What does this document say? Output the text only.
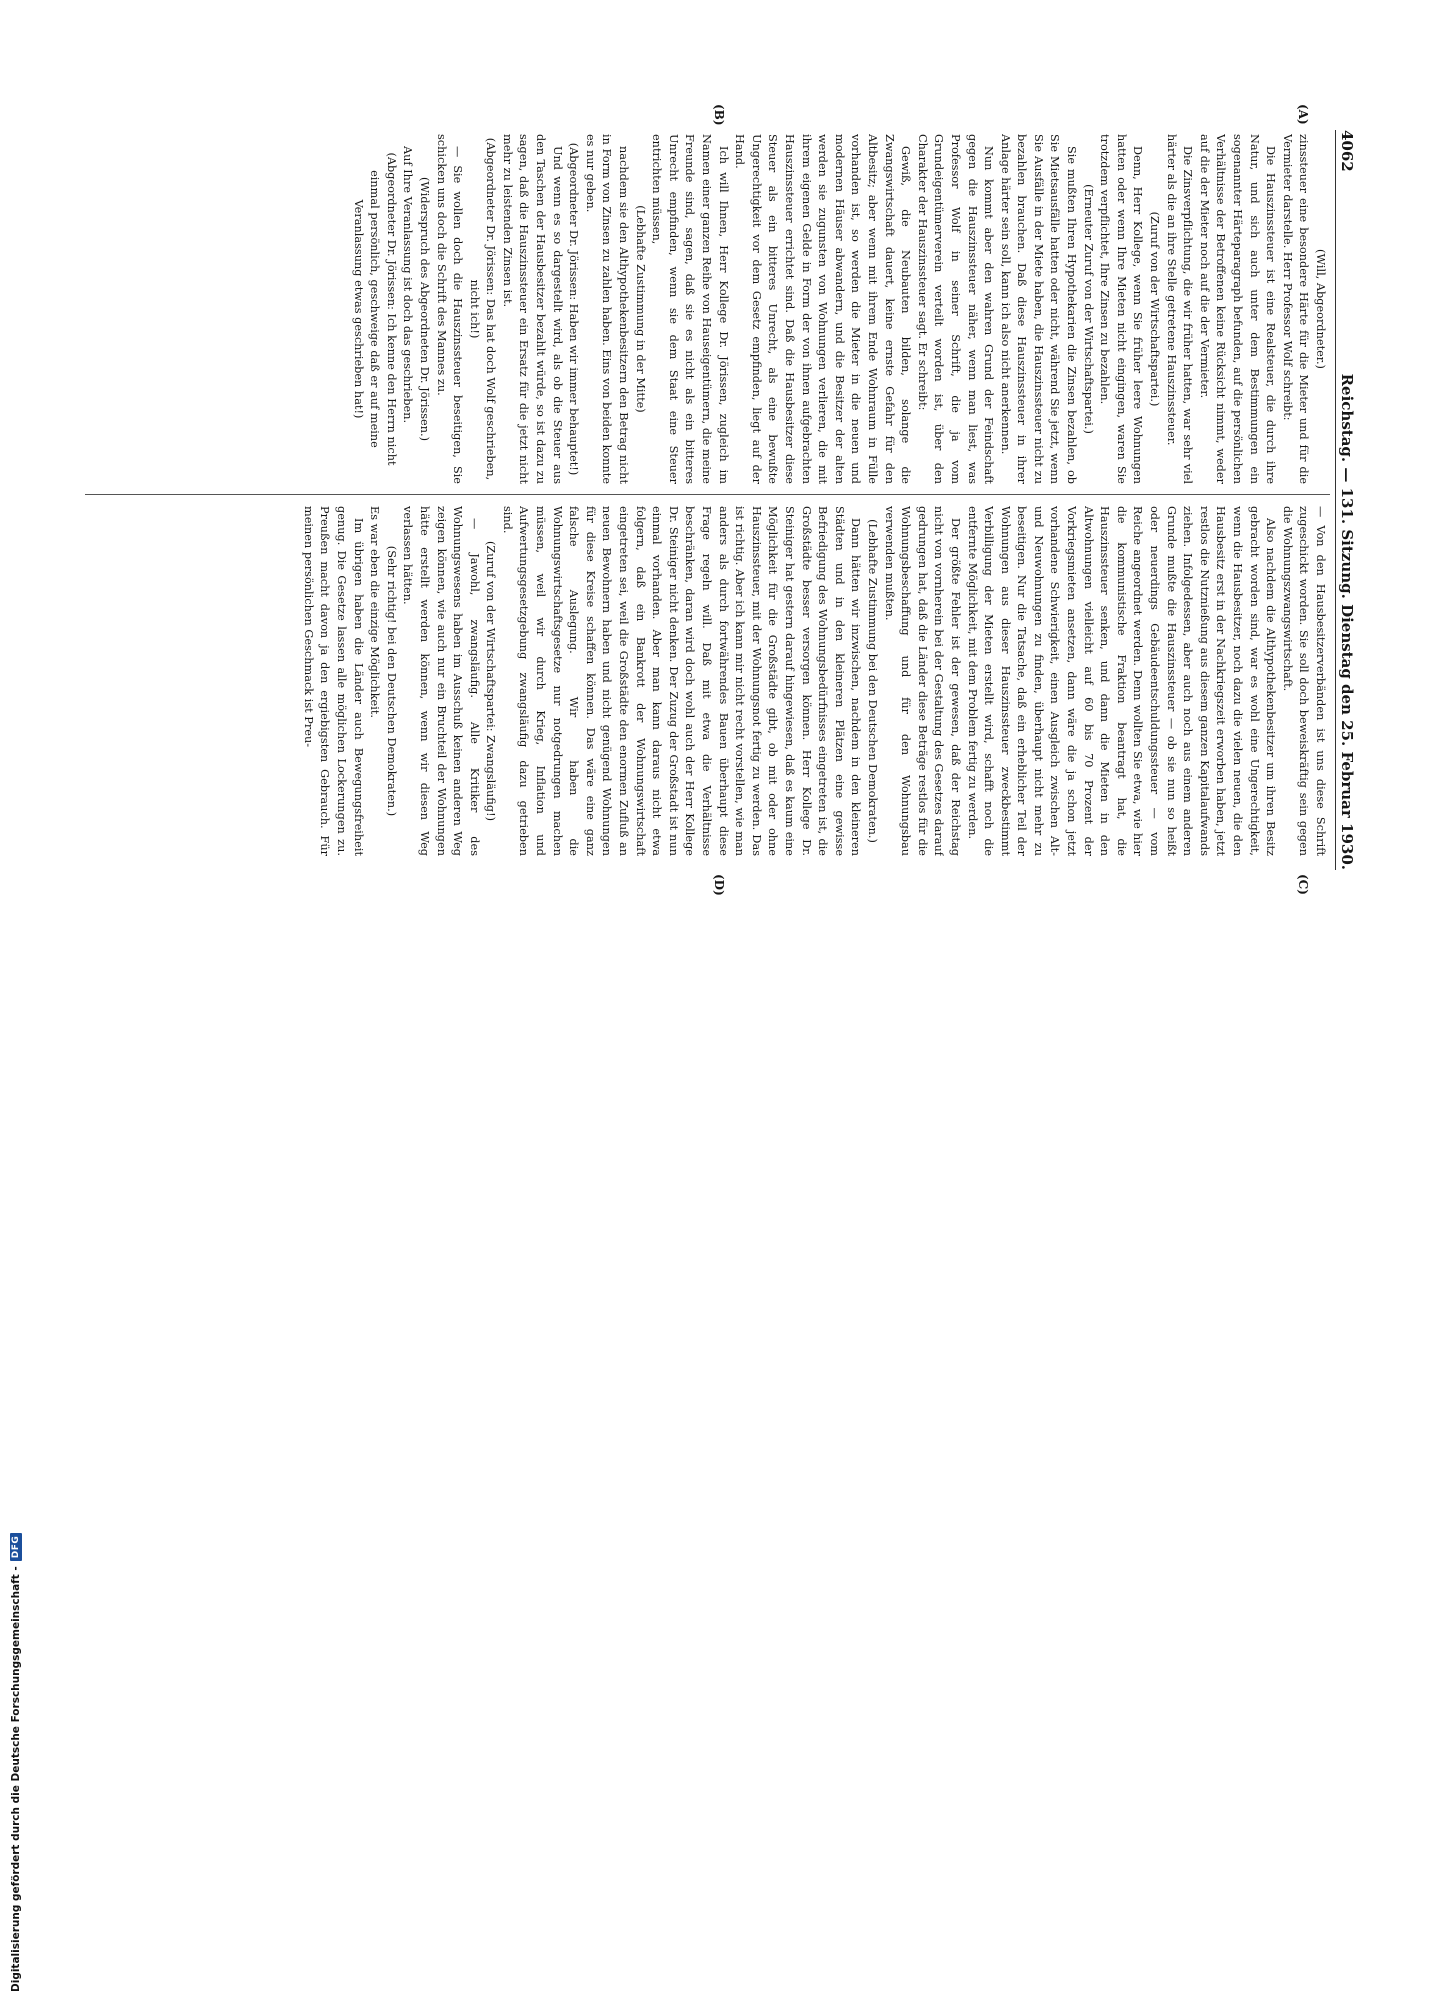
4062
Reichstag. — 131. Sitzung. Dienstag den 25. Februar 1930.
(A)
(B)
(C)
(D)

(Will, Abgeordneter.)

zinssteuer eine besondere Härte für die Mieter und für die Vermieter darstelle. Herr Professor Wolf schreibt:

Die Hauszinssteuer ist eine Realsteuer, die durch ihre Natur, und sich auch unter dem Bestimmungen ein sogenannter Härteparagraph befunden, auf die persönlichen Verhältnisse der Betroffenen keine Rücksicht nimmt, weder auf die der Mieter noch auf die der Vermieter.

Die Zinsverpflichtung, die wir früher hatten, war sehr viel härter als die an ihre Stelle getretene Hauszinssteuer.

(Zuruf von der Wirtschaftspartei.)

Denn, Herr Kollege, wenn Sie früher leere Wohnungen hatten oder wenn Ihre Mieten nicht eingingen, waren Sie trotzdem verpflichtet, Ihre Zinsen zu bezahlen.

(Erneuter Zuruf von der Wirtschaftspartei.)

Sie mußten Ihren Hypothekarien die Zinsen bezahlen, ob Sie Mietsausfälle hatten oder nicht, während Sie jetzt, wenn Sie Ausfälle in der Miete haben, die Hauszinssteuer nicht zu bezahlen brauchen. Daß diese Hauszinssteuer in ihrer Anlage härter sein soll, kann ich also nicht anerkennen.

Nun kommt aber den wahren Grund der Feindschaft gegen die Hauszinssteuer näher, wenn man liest, was Professor Wolf in seiner Schrift, die ja vom Grundeigentümerverein verteilt worden ist, über den Charakter der Hauszinssteuer sagt. Er schreibt:

Gewiß, die Neubauten bilden, solange die Zwangswirtschaft dauert, keine ernste Gefahr für den Altbesitz; aber wenn mit ihrem Ende Wohnraum in Fülle vorhanden ist, so werden die Mieter in die neuen und modernen Häuser abwandern, und die Besitzer der alten werden sie zugunsten von Wohnungen verlieren, die mit ihrem eigenen Gelde in Form der von ihnen aufgebrachten Hauszinssteuer errichtet sind. Daß die Hausbesitzer diese Steuer als ein bitteres Unrecht, als eine bewußte Ungerechtigkeit vor dem Gesetz empfinden, liegt auf der Hand.

Ich will Ihnen, Herr Kollege Dr. Jörissen, zugleich im Namen einer ganzen Reihe von Hauseigentümern, die meine Freunde sind, sagen, daß sie es nicht als ein bitteres Unrecht empfinden, wenn sie dem Staat eine Steuer entrichten müssen,

(Lebhafte Zustimmung in der Mitte)

nachdem sie den Althypothekenbesitzern den Betrag nicht in Form von Zinsen zu zahlen haben. Eins von beiden konnte es nur geben.

(Abgeordneter Dr. Jörissen: Haben wir immer behauptet!)

Und wenn es so dargestellt wird, als ob die Steuer aus den Taschen der Hausbesitzer bezahlt würde, so ist dazu zu sagen, daß die Hauszinssteuer ein Ersatz für die jetzt nicht mehr zu leistenden Zinsen ist.

(Abgeordneter Dr. Jörissen: Das hat doch Wolf geschrieben, nicht ich!)

— Sie wollen doch die Hauszinssteuer beseitigen, Sie schicken uns doch die Schrift des Mannes zu.

(Widerspruch des Abgeordneten Dr. Jörissen.)

Auf Ihre Veranlassung ist doch das geschrieben.

(Abgeordneter Dr. Jörissen: Ich kenne den Herrn nicht einmal persönlich, geschweige daß er auf meine Veranlassung etwas geschrieben hat!)

— Von den Hausbesitzerverbänden ist uns diese Schrift zugeschickt worden. Sie soll doch beweiskräftig sein gegen die Wohnungszwangswirtschaft.

Also nachdem die Althypothekenbesitzer um ihren Besitz gebracht worden sind, war es wohl eine Ungerechtigkeit, wenn die Hausbesitzer, noch dazu die vielen neuen, die den Hausbesitz erst in der Nachkriegszeit erworben haben, jetzt restlos die Nutznießung aus diesem ganzen Kapitalaufwands ziehen. Infolgedessen, aber auch noch aus einem anderen Grunde mußte die Hauszinssteuer — ob sie nun so heißt oder neuerdings Gebäudeentschuldungssteuer — vom Reiche angeordnet werden. Denn wollten Sie etwa, wie hier die kommunistische Fraktion beantragt hat, die Hauszinssteuer senken, und dann die Mieten in den Altwohnungen vielleicht auf 60 bis 70 Prozent der Vorkriegsmieten ansetzen, dann wäre die ja schon jetzt vorhandene Schwierigkeit, einen Ausgleich zwischen Alt- und Neuwohnungen zu finden, überhaupt nicht mehr zu beseitigen. Nur die Tatsache, daß ein erheblicher Teil der Wohnungen aus dieser Hauszinssteuer zweckbestimmt Verbilligung der Mieten erstellt wird, schafft noch die entfernte Möglichkeit, mit dem Problem fertig zu werden.

Der größte Fehler ist der gewesen, daß der Reichstag nicht von vornherein bei der Gestaltung des Gesetzes darauf gedrungen hat, daß die Länder diese Beträge restlos für die Wohnungsbeschaffung und für den Wohnungsbau verwenden mußten.

(Lebhafte Zustimmung bei den Deutschen Demokraten.)

Dann hätten wir inzwischen, nachdem in den kleineren Städten und in den kleineren Plätzen eine gewisse Befriedigung des Wohnungsbedürfnisses eingetreten ist, die Großstädte besser versorgen können. Herr Kollege Dr. Steiniger hat gestern darauf hingewiesen, daß es kaum eine Möglichkeit für die Großstädte gibt, ob mit oder ohne Hauszinssteuer, mit der Wohnungsnot fertig zu werden. Das ist richtig. Aber ich kann mir nicht recht vorstellen, wie man anders als durch fortwährendes Bauen überhaupt diese Frage regeln will. Daß mit etwa die Verhältnisse beschränken, daran wird doch wohl auch der Herr Kollege Dr. Steiniger nicht denken. Der Zuzug der Großstadt ist nun einmal vorhanden. Aber man kann daraus nicht etwa folgern, daß ein Bankrott der Wohnungswirtschaft eingetreten sei, weil die Großstädte den enormen Zufluß an neuen Bewohnern haben und nicht genügend Wohnungen für diese Kreise schaffen können. Das wäre eine ganz falsche Auslegung. Wir haben die Wohnungswirtschaftsgesetze nur notgedrungen machen müssen, weil wir durch Krieg, Inflation und Aufwertungsgesetzgebung zwangsläufig dazu getrieben sind.

(Zuruf von der Wirtschaftspartei: Zwangsläufig!)

— Jawohl, zwangsläufig. Alle Kritiker des Wohnungswesens haben im Ausschuß keinen anderen Weg zeigen können, wie auch nur ein Bruchteil der Wohnungen hätte erstellt werden können, wenn wir diesen Weg verlassen hätten.

(Sehr richtig! bei den Deutschen Demokraten.)

Es war eben die einzige Möglichkeit.

Im übrigen haben die Länder auch Bewegungsfreiheit genug. Die Gesetze lassen alle möglichen Lockerungen zu. Preußen macht davon ja den ergiebigsten Gebrauch. Für meinen persönlichen Geschmack ist Preu-

Digitalisierung gefördert durch die Deutsche Forschungsgemeinschaft -
DFG
